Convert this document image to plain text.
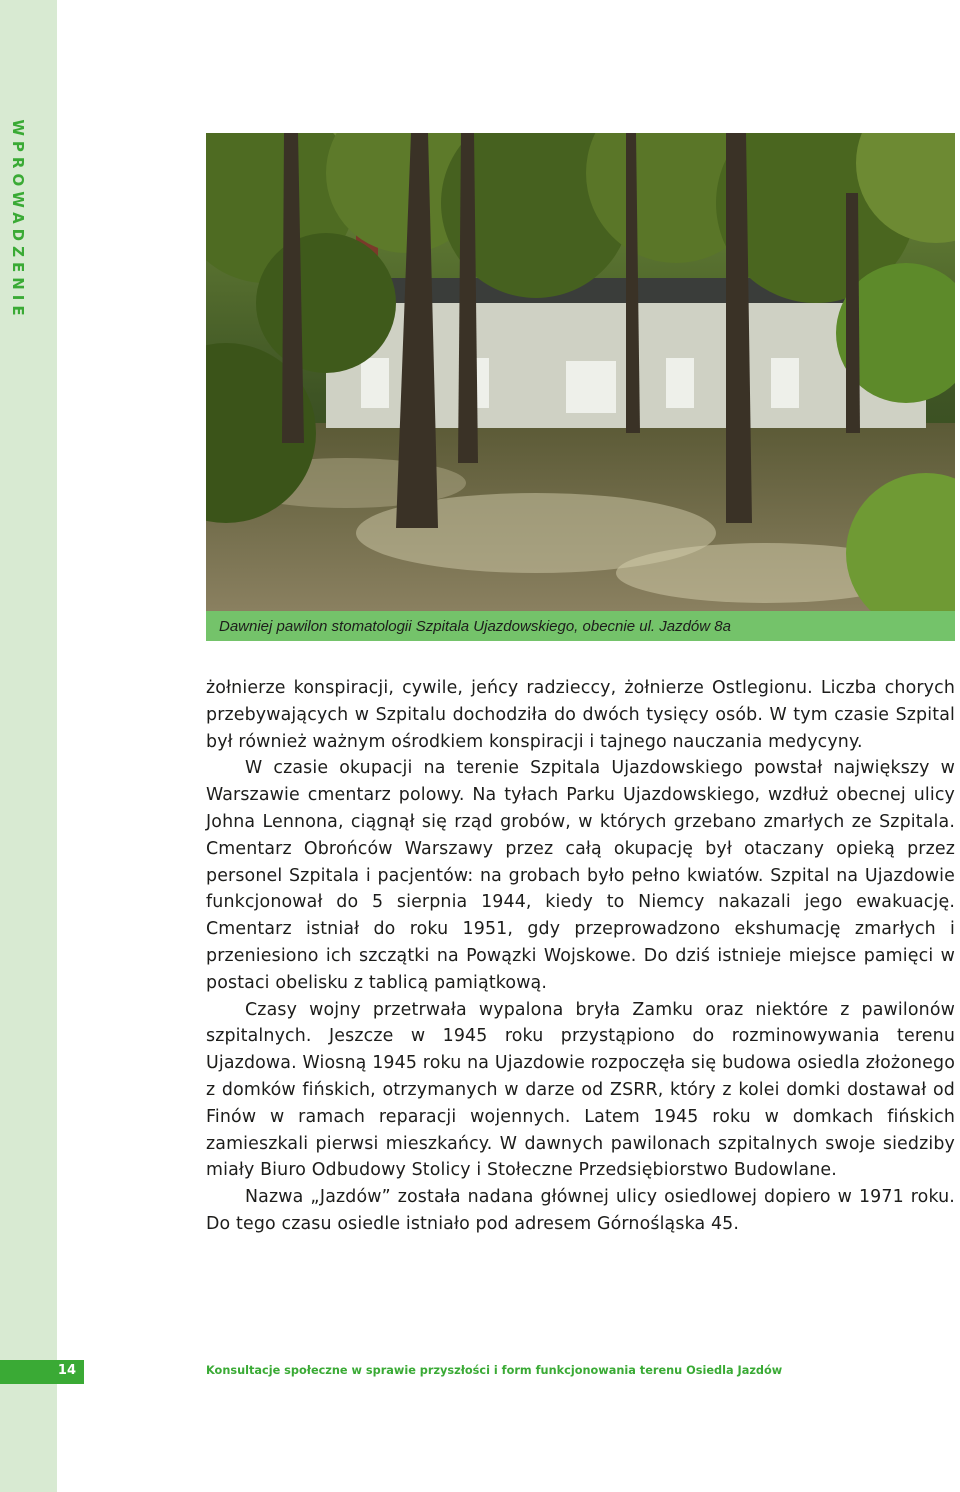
WPROWADZENIE
Dawniej pawilon stomatologii Szpitala Ujazdowskiego, obecnie ul. Jazdów 8a

żołnierze konspiracji, cywile, jeńcy radzieccy, żołnierze Ostlegionu. Liczba chorych przebywających w Szpitalu dochodziła do dwóch tysięcy osób. W tym czasie Szpital był również ważnym ośrodkiem konspiracji i tajnego nauczania medycyny.

W czasie okupacji na terenie Szpitala Ujazdowskiego powstał największy w Warszawie cmentarz polowy. Na tyłach Parku Ujazdowskiego, wzdłuż obecnej ulicy Johna Lennona, ciągnął się rząd grobów, w których grzebano zmarłych ze Szpitala. Cmentarz Obrońców Warszawy przez całą okupację był otaczany opieką przez personel Szpitala i pacjentów: na grobach było pełno kwiatów. Szpital na Ujazdowie funkcjonował do 5 sierpnia 1944, kiedy to Niemcy nakazali jego ewakuację. Cmentarz istniał do roku 1951, gdy przeprowadzono ekshumację zmarłych i przeniesiono ich szczątki na Powązki Wojskowe. Do dziś istnieje miejsce pamięci w postaci obelisku z tablicą pamiątkową.

Czasy wojny przetrwała wypalona bryła Zamku oraz niektóre z pawilonów szpitalnych. Jeszcze w 1945 roku przystąpiono do rozminowywania terenu Ujazdowa. Wiosną 1945 roku na Ujazdowie rozpoczęła się budowa osiedla złożonego z domków fińskich, otrzymanych w darze od ZSRR, który z kolei domki dostawał od Finów w ramach reparacji wojennych. Latem 1945 roku w domkach fińskich zamieszkali pierwsi mieszkańcy. W dawnych pawilonach szpitalnych swoje siedziby miały Biuro Odbudowy Stolicy i Stołeczne Przedsiębiorstwo Budowlane.

Nazwa „Jazdów” została nadana głównej ulicy osiedlowej dopiero w 1971 roku. Do tego czasu osiedle istniało pod adresem Górnośląska 45.

14	Konsultacje społeczne w sprawie przyszłości i form funkcjonowania terenu Osiedla Jazdów
